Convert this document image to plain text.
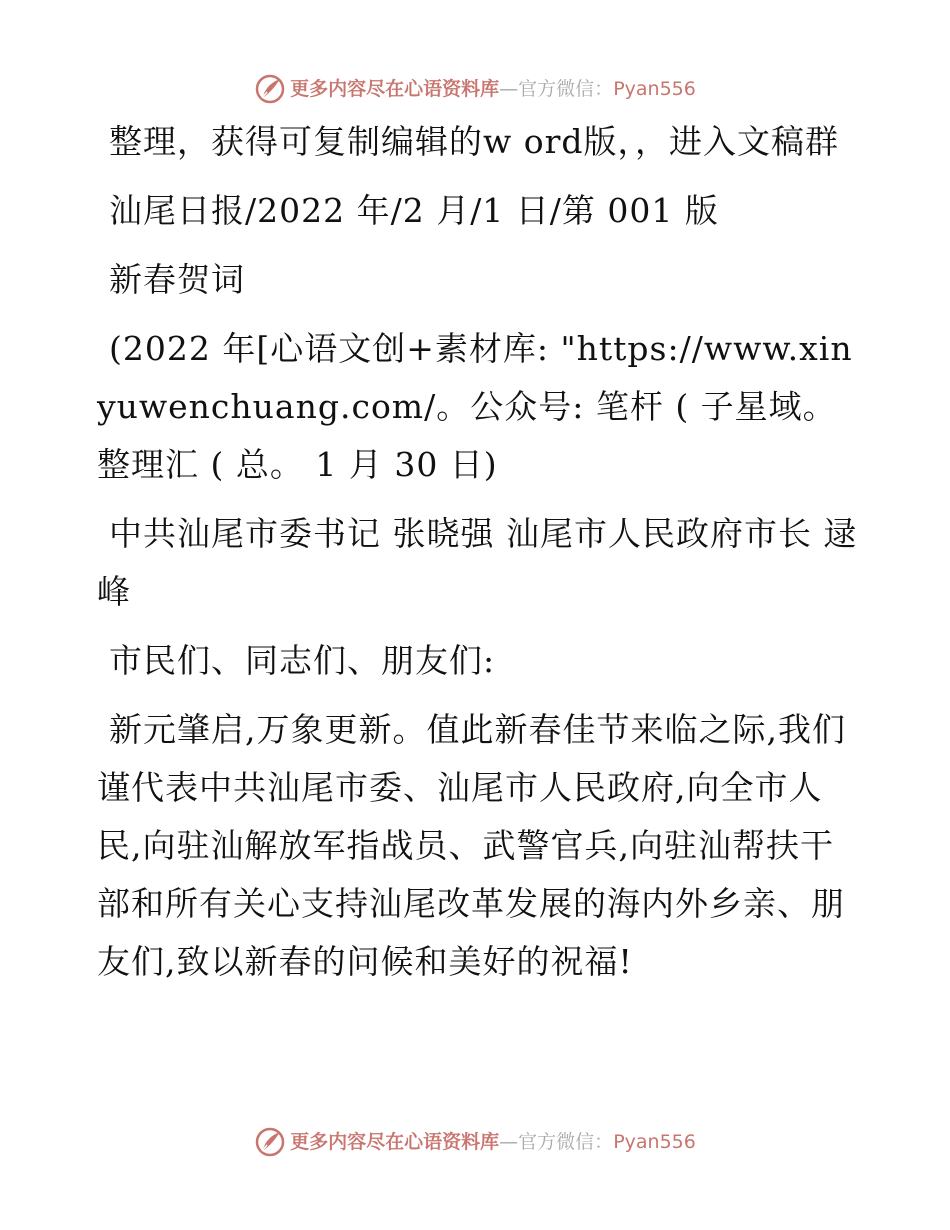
更多内容尽在心语资料库 — 官方微信： Pyan556

整理，获得可复制编辑的w ord版，，进入文稿群

汕尾日报/2022 年/2 月/1 日/第 001 版

新春贺词

(2022 年[心语文创+素材库: "https://www.xinyuwenchuang.com/。公众号: 笔杆 ( 子星域。整理汇 ( 总。 1 月 30 日)

中共汕尾市委书记 张晓强 汕尾市人民政府市长 逯峰

市民们、同志们、朋友们:

新元肇启,万象更新。值此新春佳节来临之际,我们谨代表中共汕尾市委、汕尾市人民政府,向全市人民,向驻汕解放军指战员、武警官兵,向驻汕帮扶干部和所有关心支持汕尾改革发展的海内外乡亲、朋友们,致以新春的问候和美好的祝福!

更多内容尽在心语资料库 — 官方微信： Pyan556
